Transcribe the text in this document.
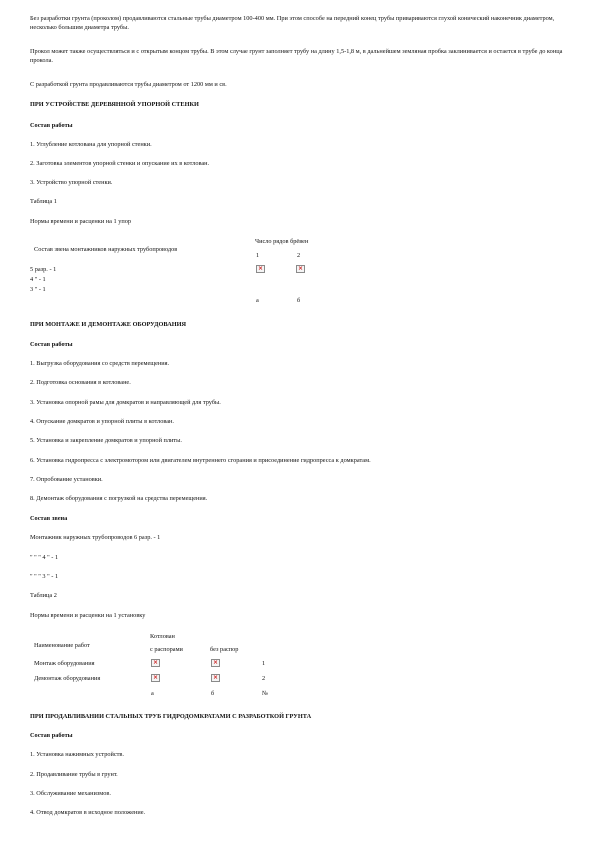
Без разработки грунта (проколом) продавливаются стальные трубы диаметром 100-400 мм. При этом способе на передний конец трубы привариваются глухой конический наконечник диаметром, несколько большим диаметра трубы.
Прокол может также осуществляться и с открытым концом трубы. В этом случае грунт заполняет трубу на длину 1,5-1,8 м, в дальнейшем земляная пробка заклинивается и остается в трубе до конца прокола.
С разработкой грунта продавливаются трубы диаметром от 1200 мм и св.
ПРИ УСТРОЙСТВЕ ДЕРЕВЯННОЙ УПОРНОЙ СТЕНКИ
Состав работы
1. Углубление котлована для упорной стенки.
2. Заготовка элементов упорной стенки и опускание их в котлован.
3. Устройство упорной стенки.
Таблица 1
Нормы времени и расценки на 1 упор
Состав звена монтажников наружных трубопроводов
Число рядов брёвен
1	2
5 разр. - 1
4 " - 1
3 " - 1
×	×
а	б
ПРИ МОНТАЖЕ И ДЕМОНТАЖЕ ОБОРУДОВАНИЯ
Состав работы
1. Выгрузка оборудования со средств перемещения.
2. Подготовка основания в котловане.
3. Установка опорной рамы для домкратов и направляющей для трубы.
4. Опускание домкратов и упорной плиты в котлован.
5. Установка и закрепление домкратов и упорной плиты.
6. Установка гидропресса с электромотором или двигателем внутреннего сгорания и присоединение гидропресса к домкратам.
7. Опробование установки.
8. Демонтаж оборудования с погрузкой на средства перемещения.
Состав звена
Монтажник наружных трубопроводов 6 разр. - 1
" " " 4 " - 1
" " " 3 " - 1
Таблица 2
Нормы времени и расценки на 1 установку
Наименование работ
Котлован
с распорами	без распор
Монтаж оборудования	×	×	1
Демонтаж оборудования	×	×	2
а	б	№
ПРИ ПРОДАВЛИВАНИИ СТАЛЬНЫХ ТРУБ ГИДРОДОМКРАТАМИ С РАЗРАБОТКОЙ ГРУНТА
Состав работы
1. Установка нажимных устройств.
2. Продавливание трубы в грунт.
3. Обслуживание механизмов.
4. Отвод домкратов в исходное положение.
